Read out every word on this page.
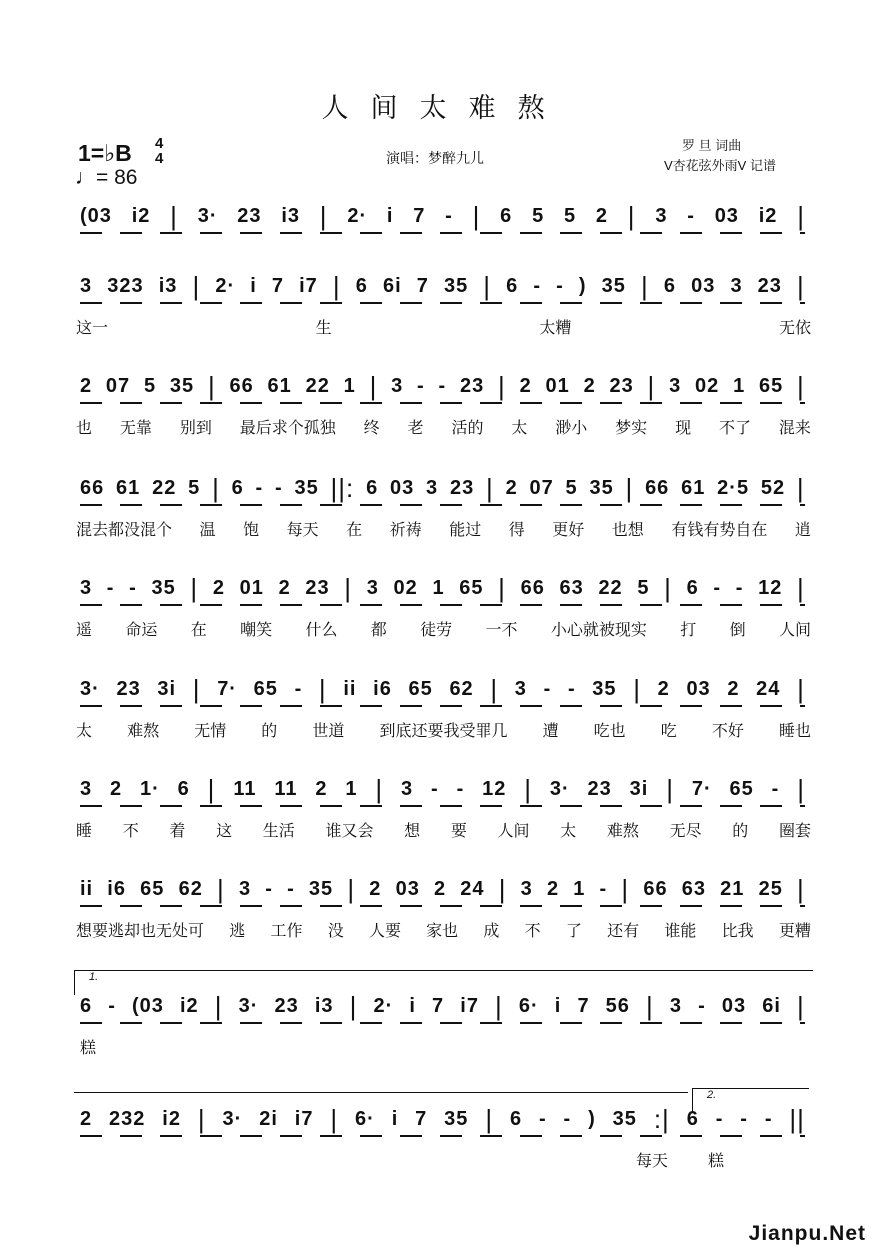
人间太难熬
1=♭B 4
4
♩= 86
演唱：梦醉九儿
罗 旦 词曲
V杏花弦外雨V 记谱
(03 i2 | 3· 23 i3 | 2· i 7 - | 6 5 5 2 | 3 - 03 i2 |
3 323 i3 | 2· i 7 i7 | 6 6i 7 35 | 6 - - ) 35 | 6 03 3 23 |
这一	生	太糟	无依
2 07 5 35 | 66 61 22 1 | 3 - - 23 | 2 01 2 23 | 3 02 1 65 |
也 无靠 别到 最后求个孤独 终 老 活的 太 渺小 梦实 现 不了 混来
66 61 22 5 | 6 - - 35 ||: 6 03 3 23 | 2 07 5 35 | 66 61 2·5 52 |
混去都没混个 温 饱 每天 在 祈祷 能过 得 更好 也想 有钱有势自在 逍
3 - - 35 | 2 01 2 23 | 3 02 1 65 | 66 63 22 5 | 6 - - 12 |
遥 命运 在 嘲笑 什么 都 徒劳 一不 小心就被现实 打 倒 人间
3· 23 3i | 7· 65 - | ii i6 65 62 | 3 - - 35 | 2 03 2 24 |
太 难熬 无情 的 世道 到底还要我受罪几 遭 吃也 吃 不好 睡也
3 2 1· 6 | 11 11 2 1 | 3 - - 12 | 3· 23 3i | 7· 65 - |
睡 不 着 这 生活 谁又会 想 要 人间 太 难熬 无尽 的 圈套
ii i6 65 62 | 3 - - 35 | 2 03 2 24 | 3 2 1 - | 66 63 21 25 |
想要逃却也无处可 逃 工作 没 人要 家也 成 不 了 还有 谁能 比我 更糟
6 - (03 i2 | 3· 23 i3 | 2· i 7 i7 | 6· i 7 56 | 3 - 03 6i |
糕
2 232 i2 | 3· 2i i7 | 6· i 7 35 | 6 - - ) 35 :| 6 - - - ||
每天	糕
1.
2.
Jianpu.Net
